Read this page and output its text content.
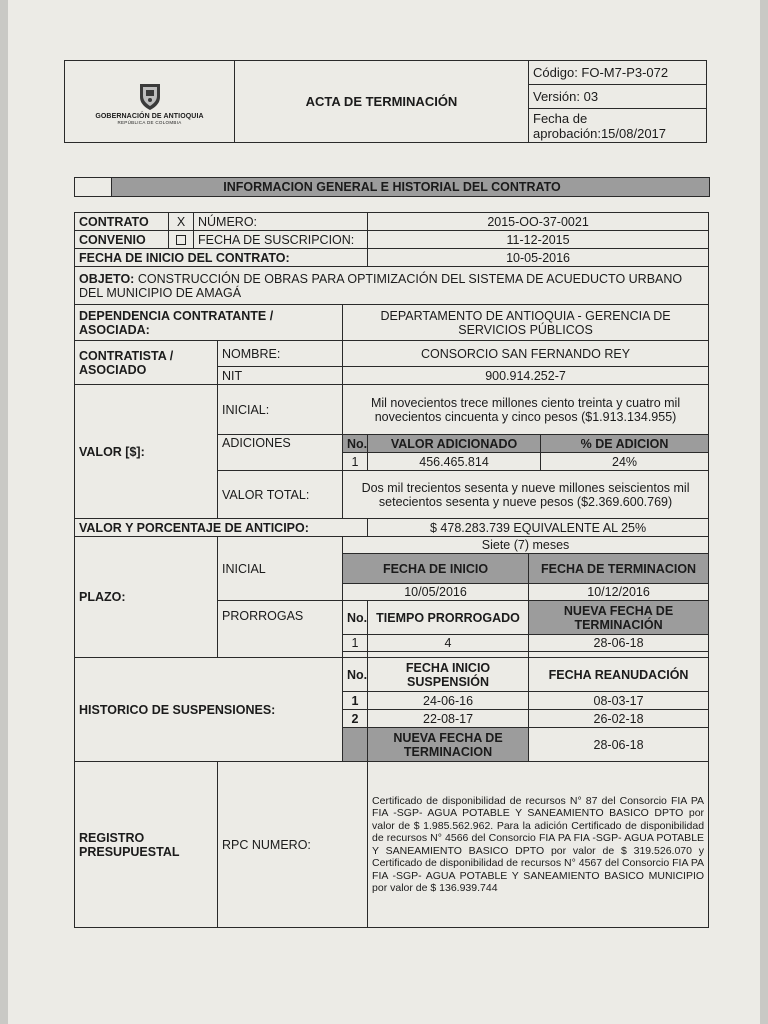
GOBERNACIÓN DE ANTIOQUIA
REPÚBLICA DE COLOMBIA
	ACTA DE TERMINACIÓN	Código: FO-M7-P3-072
Versión: 03

Fecha de
aprobación:15/08/2017
INFORMACION GENERAL E HISTORIAL DEL CONTRATO
CONTRATO	X	NÚMERO:			2015-OO-37-0021		
CONVENIO		FECHA DE SUSCRIPCION:			11-12-2015		
FECHA DE INICIO DEL CONTRATO:					10-05-2016		
OBJETO: CONSTRUCCIÓN DE OBRAS PARA OPTIMIZACIÓN DEL SISTEMA DE ACUEDUCTO URBANO DEL MUNICIPIO DE AMAGÁ							
DEPENDENCIA CONTRATANTE / ASOCIADA:				DEPARTAMENTO DE ANTIOQUIA - GERENCIA DE SERVICIOS PÚBLICOS			
CONTRATISTA / ASOCIADO			NOMBRE:	CONSORCIO SAN FERNANDO REY			
			NIT	900.914.252-7			
VALOR [$]:			INICIAL:	Mil novecientos trece millones ciento treinta y cuatro mil novecientos cincuenta y cinco pesos ($1.913.134.955)			
			ADICIONES	No.	VALOR ADICIONADO		% DE ADICION
				1	456.465.814		24%
			VALOR TOTAL:	Dos mil trecientos sesenta y nueve millones seiscientos mil setecientos sesenta y nueve pesos ($2.369.600.769)			
VALOR Y PORCENTAJE DE ANTICIPO:					$ 478.283.739 EQUIVALENTE AL 25%		
PLAZO:			INICIAL	Siete (7) meses			
				FECHA DE INICIO		FECHA DE TERMINACION	
				10/05/2016		10/12/2016	
			PRORROGAS	No.	TIEMPO PRORROGADO	NUEVA FECHA DE TERMINACIÓN	
				1	4	28-06-18	

HISTORICO DE SUSPENSIONES:				No.	FECHA INICIO SUSPENSIÓN	FECHA REANUDACIÓN	
				1	24-06-16	08-03-17	
				2	22-08-17	26-02-18	
					NUEVA FECHA DE TERMINACION	28-06-18	
REGISTRO PRESUPUESTAL			RPC NUMERO:		Certificado de disponibilidad de recursos N° 87 del Consorcio FIA PA FIA -SGP- AGUA POTABLE Y SANEAMIENTO BASICO DPTO por valor de $ 1.985.562.962. Para la adición Certificado de disponibilidad de recursos N° 4566 del Consorcio FIA PA FIA -SGP- AGUA POTABLE Y SANEAMIENTO BASICO DPTO por valor de $ 319.526.070 y Certificado de disponibilidad de recursos N° 4567 del Consorcio FIA PA FIA -SGP- AGUA POTABLE Y SANEAMIENTO BASICO MUNICIPIO por valor de $ 136.939.744		
